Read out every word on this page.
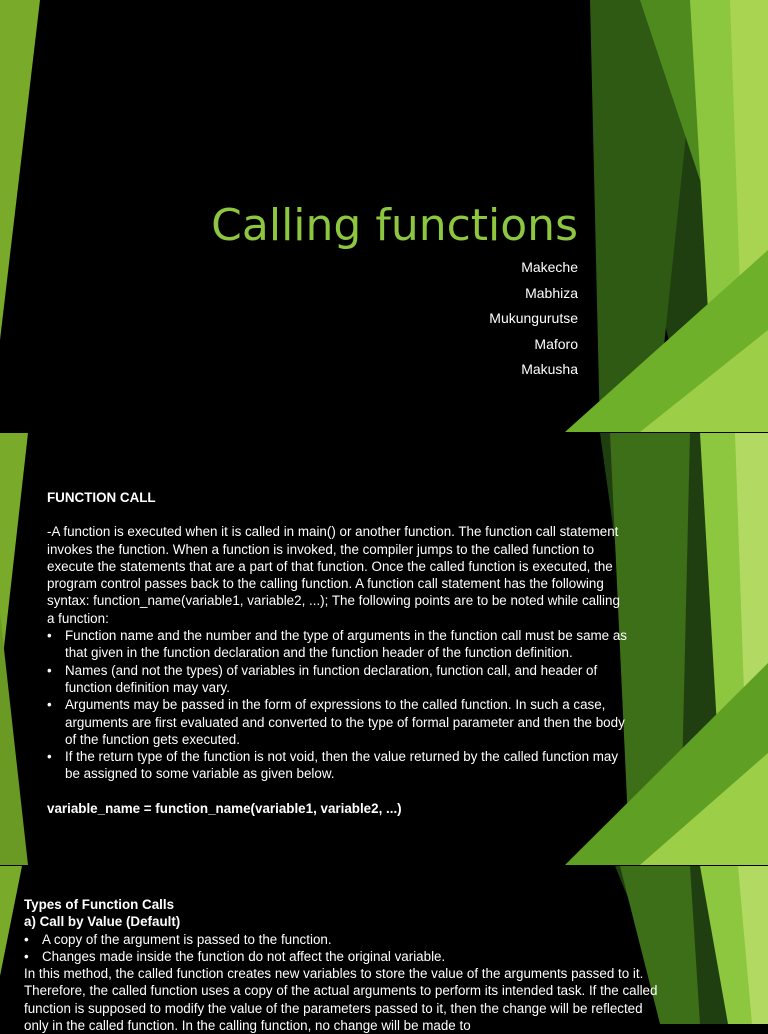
Calling functions
Makeche
Mabhiza
Mukungurutse
Maforo
Makusha
FUNCTION CALL
-A function is executed when it is called in main() or another function. The function call statement invokes the function. When a function is invoked, the compiler jumps to the called function to execute the statements that are a part of that function. Once the called function is executed, the program control passes back to the calling function. A function call statement has the following syntax: function_name(variable1, variable2, ...); The following points are to be noted while calling a function:
• Function name and the number and the type of arguments in the function call must be same as that given in the function declaration and the function header of the function definition.
• Names (and not the types) of variables in function declaration, function call, and header of function definition may vary.
• Arguments may be passed in the form of expressions to the called function. In such a case, arguments are first evaluated and converted to the type of formal parameter and then the body of the function gets executed.
• If the return type of the function is not void, then the value returned by the called function may be assigned to some variable as given below.
variable_name = function_name(variable1, variable2, ...)
Types of Function Calls
a) Call by Value (Default)
• A copy of the argument is passed to the function.
• Changes made inside the function do not affect the original variable.
In this method, the called function creates new variables to store the value of the arguments passed to it. Therefore, the called function uses a copy of the actual arguments to perform its intended task. If the called function is supposed to modify the value of the parameters passed to it, then the change will be reflected only in the called function. In the calling function, no change will be made to
